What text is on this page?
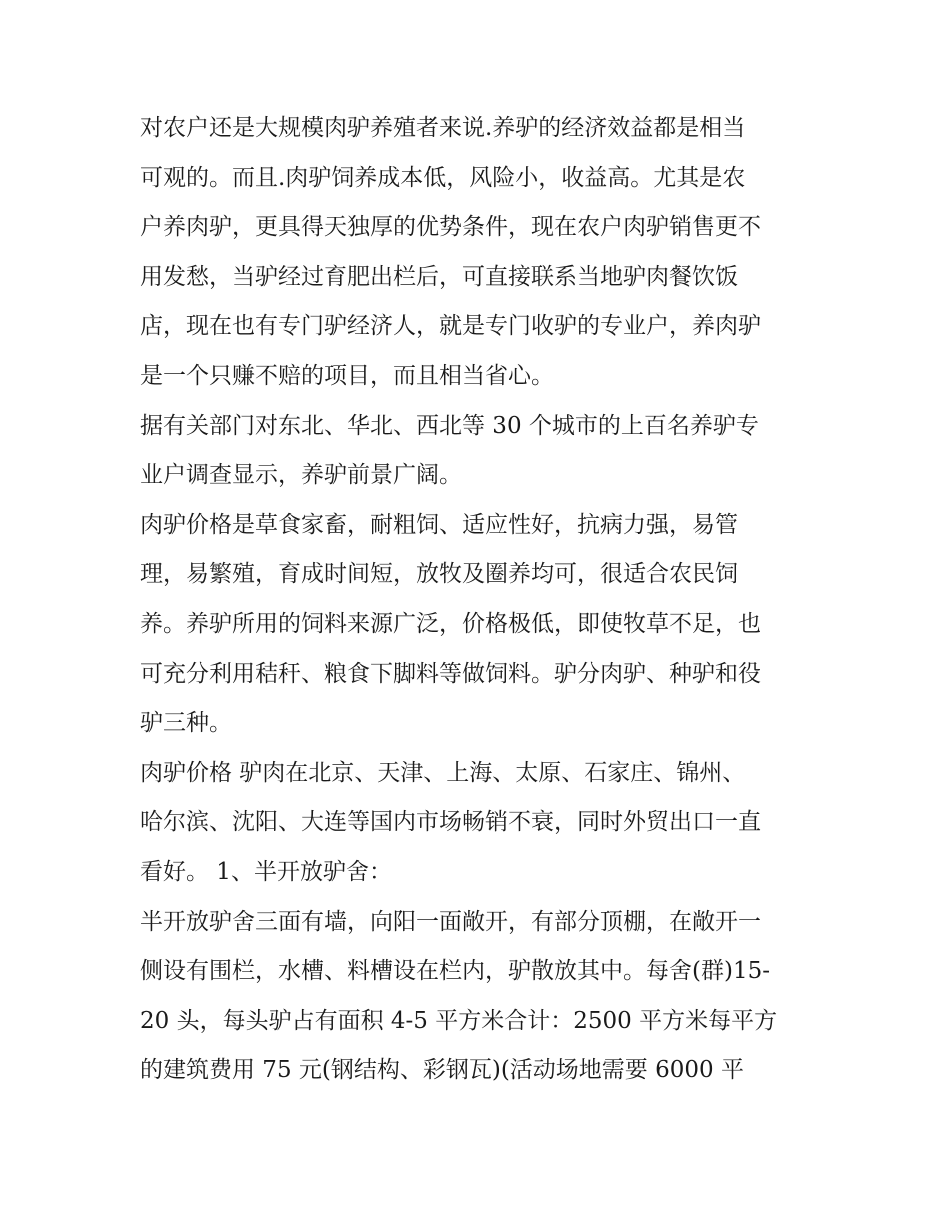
对农户还是大规模肉驴养殖者来说.养驴的经济效益都是相当
可观的。而且.肉驴饲养成本低，风险小，收益高。尤其是农
户养肉驴，更具得天独厚的优势条件，现在农户肉驴销售更不
用发愁，当驴经过育肥出栏后，可直接联系当地驴肉餐饮饭
店，现在也有专门驴经济人，就是专门收驴的专业户，养肉驴
是一个只赚不赔的项目，而且相当省心。
据有关部门对东北、华北、西北等 30 个城市的上百名养驴专
业户调查显示，养驴前景广阔。
肉驴价格是草食家畜，耐粗饲、适应性好，抗病力强，易管
理，易繁殖，育成时间短，放牧及圈养均可，很适合农民饲
养。养驴所用的饲料来源广泛，价格极低，即使牧草不足，也
可充分利用秸秆、粮食下脚料等做饲料。驴分肉驴、种驴和役
驴三种。
肉驴价格 驴肉在北京、天津、上海、太原、石家庄、锦州、
哈尔滨、沈阳、大连等国内市场畅销不衰，同时外贸出口一直
看好。 1、半开放驴舍：
半开放驴舍三面有墙，向阳一面敞开，有部分顶棚，在敞开一
侧设有围栏，水槽、料槽设在栏内，驴散放其中。每舍(群)15-
20 头，每头驴占有面积 4-5 平方米合计：2500 平方米每平方
的建筑费用 75 元(钢结构、彩钢瓦)(活动场地需要 6000 平
